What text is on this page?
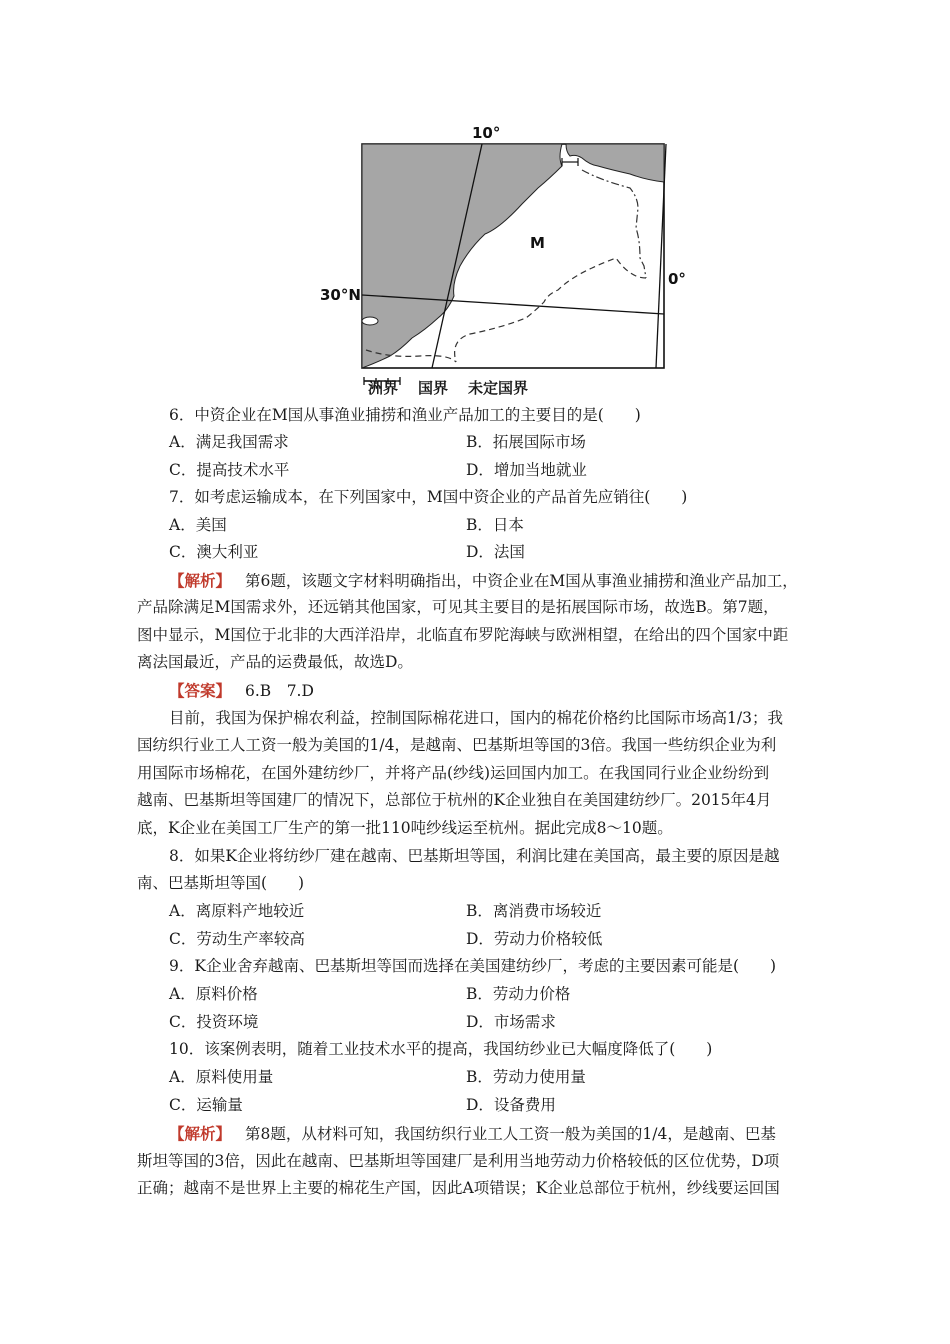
10°
0°
30°N
M
洲界 国界 未定国界
6．中资企业在M国从事渔业捕捞和渔业产品加工的主要目的是(　　)
A．满足我国需求	B．拓展国际市场
C．提高技术水平	D．增加当地就业
7．如考虑运输成本，在下列国家中，M国中资企业的产品首先应销往(　　)
A．美国	B．日本
C．澳大利亚	D．法国
【解析】 第6题，该题文字材料明确指出，中资企业在M国从事渔业捕捞和渔业产品加工，
产品除满足M国需求外，还远销其他国家，可见其主要目的是拓展国际市场，故选B。第7题，
图中显示，M国位于北非的大西洋沿岸，北临直布罗陀海峡与欧洲相望，在给出的四个国家中距
离法国最近，产品的运费最低，故选D。
【答案】 6.B　7.D
目前，我国为保护棉农利益，控制国际棉花进口，国内的棉花价格约比国际市场高1/3；我
国纺织行业工人工资一般为美国的1/4，是越南、巴基斯坦等国的3倍。我国一些纺织企业为利
用国际市场棉花，在国外建纺纱厂，并将产品(纱线)运回国内加工。在我国同行业企业纷纷到
越南、巴基斯坦等国建厂的情况下，总部位于杭州的K企业独自在美国建纺纱厂。2015年4月
底，K企业在美国工厂生产的第一批110吨纱线运至杭州。据此完成8～10题。
8．如果K企业将纺纱厂建在越南、巴基斯坦等国，利润比建在美国高，最主要的原因是越
南、巴基斯坦等国(　　)
A．离原料产地较近	B．离消费市场较近
C．劳动生产率较高	D．劳动力价格较低
9．K企业舍弃越南、巴基斯坦等国而选择在美国建纺纱厂，考虑的主要因素可能是(　　)
A．原料价格	B．劳动力价格
C．投资环境	D．市场需求
10．该案例表明，随着工业技术水平的提高，我国纺纱业已大幅度降低了(　　)
A．原料使用量	B．劳动力使用量
C．运输量	D．设备费用
【解析】 第8题，从材料可知，我国纺织行业工人工资一般为美国的1/4，是越南、巴基
斯坦等国的3倍，因此在越南、巴基斯坦等国建厂是利用当地劳动力价格较低的区位优势，D项
正确；越南不是世界上主要的棉花生产国，因此A项错误；K企业总部位于杭州，纱线要运回国
